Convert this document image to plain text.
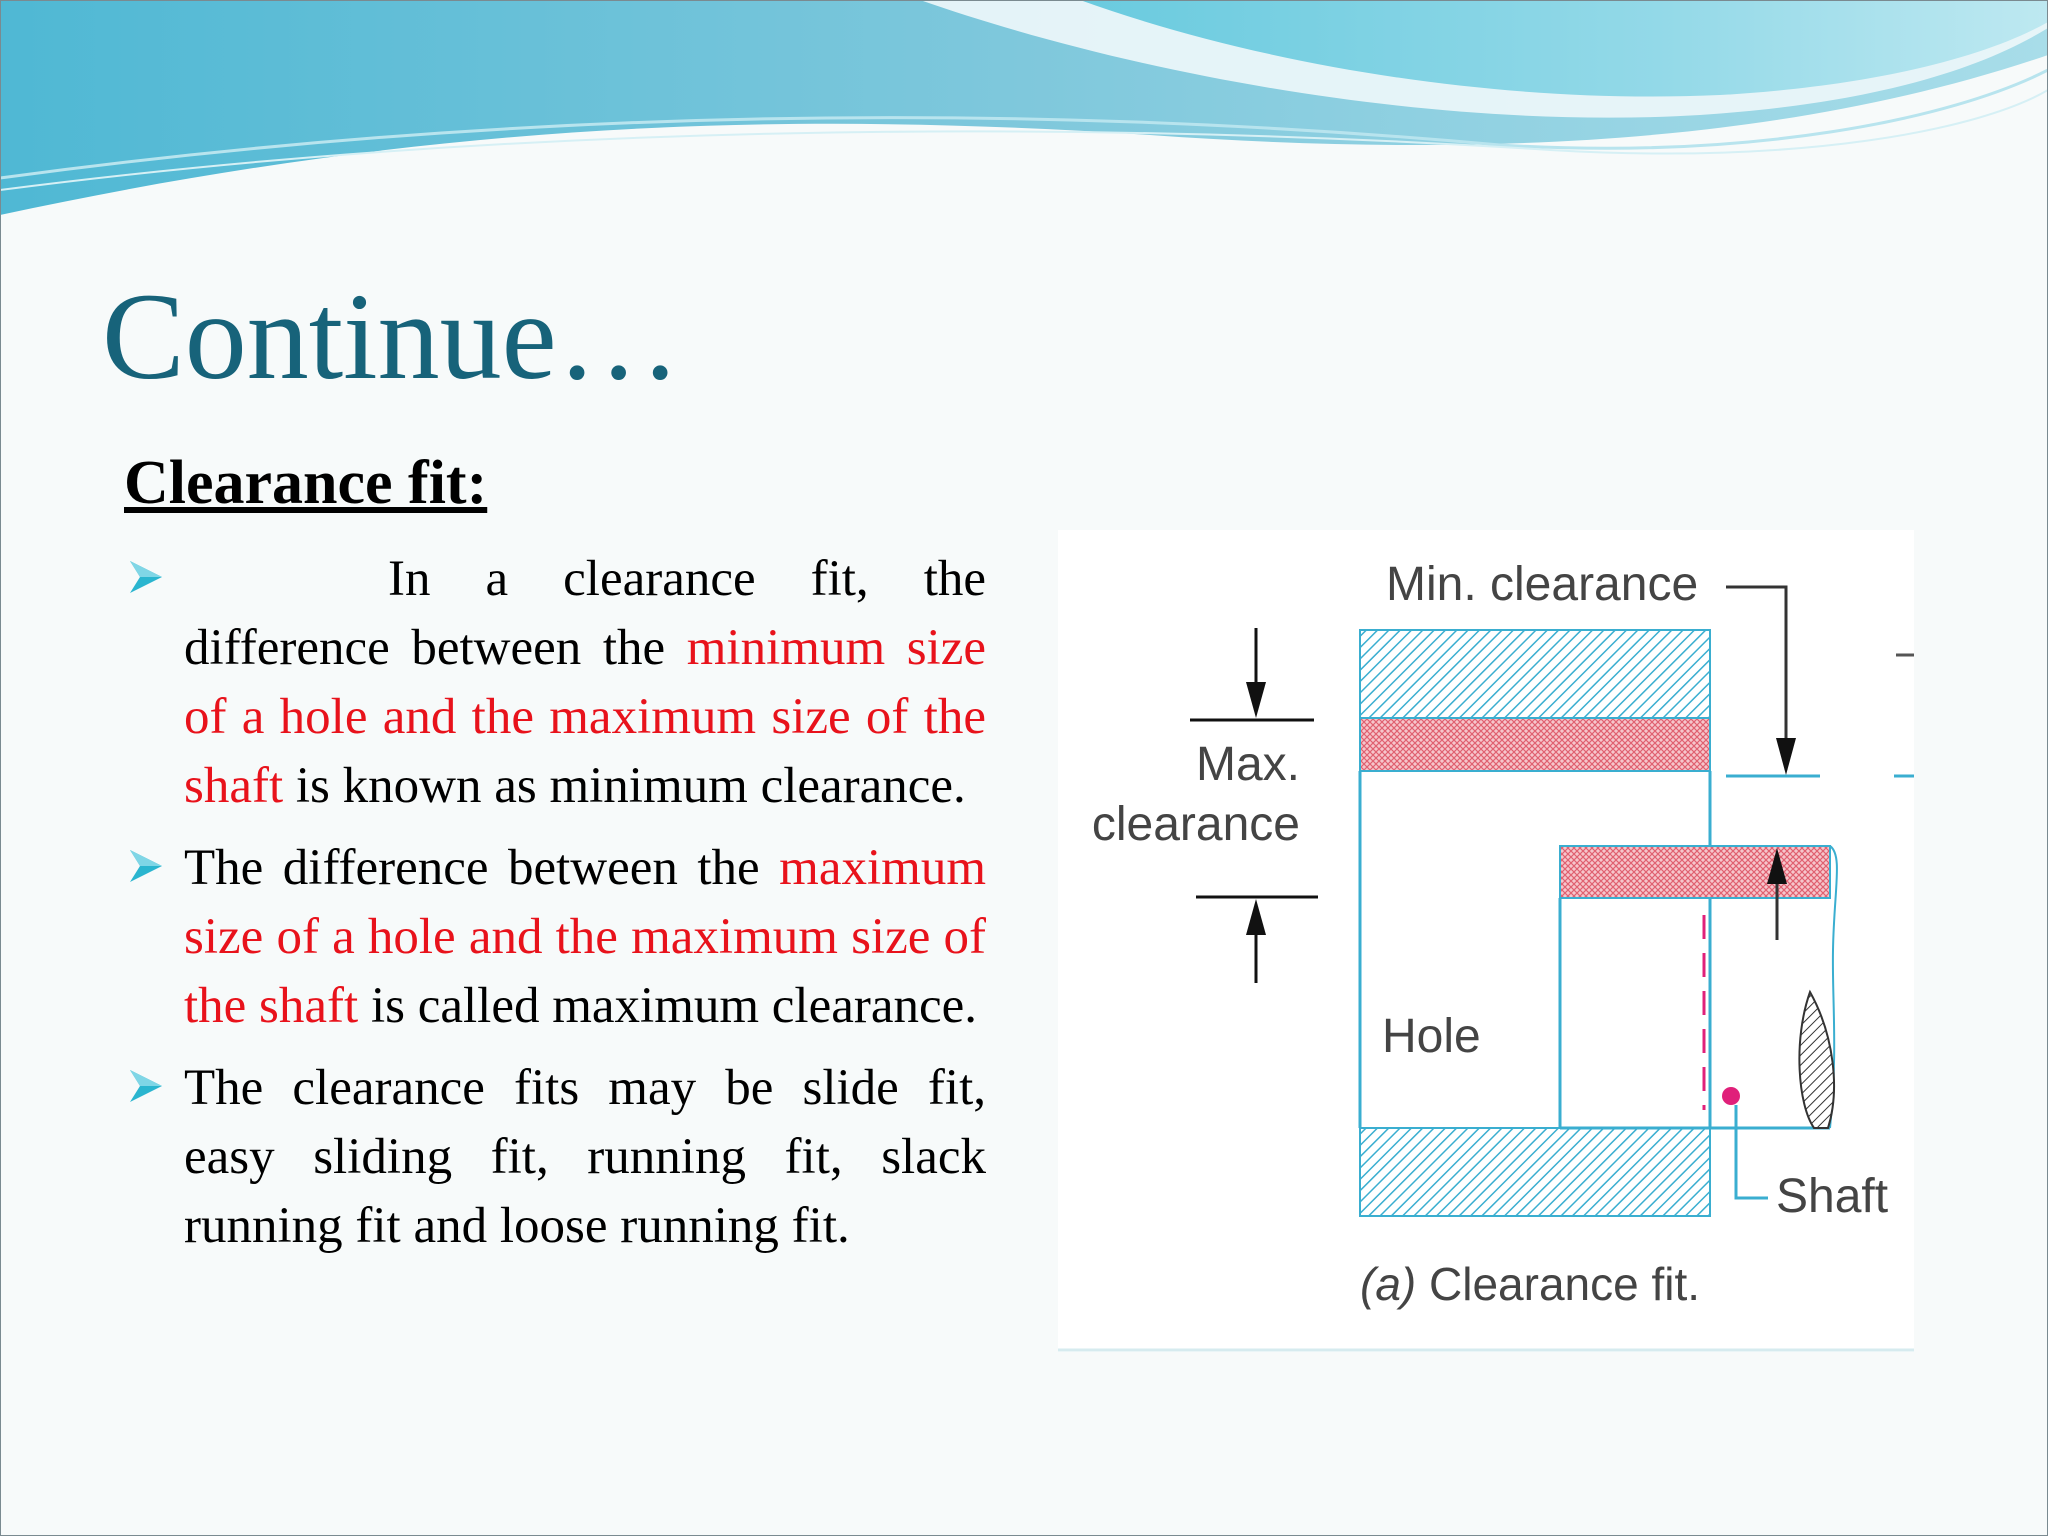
Continue…
Clearance fit:
In a clearance fit, the difference between the minimum size of a hole and the maximum size of the shaft is known as minimum clearance.
The difference between the maximum size of a hole and the maximum size of the shaft is called maximum clearance.
The clearance fits may be slide fit, easy sliding fit, running fit, slack running fit and loose running fit.
Min. clearance
Max.
clearance
Hole
Shaft
(a) Clearance fit.
